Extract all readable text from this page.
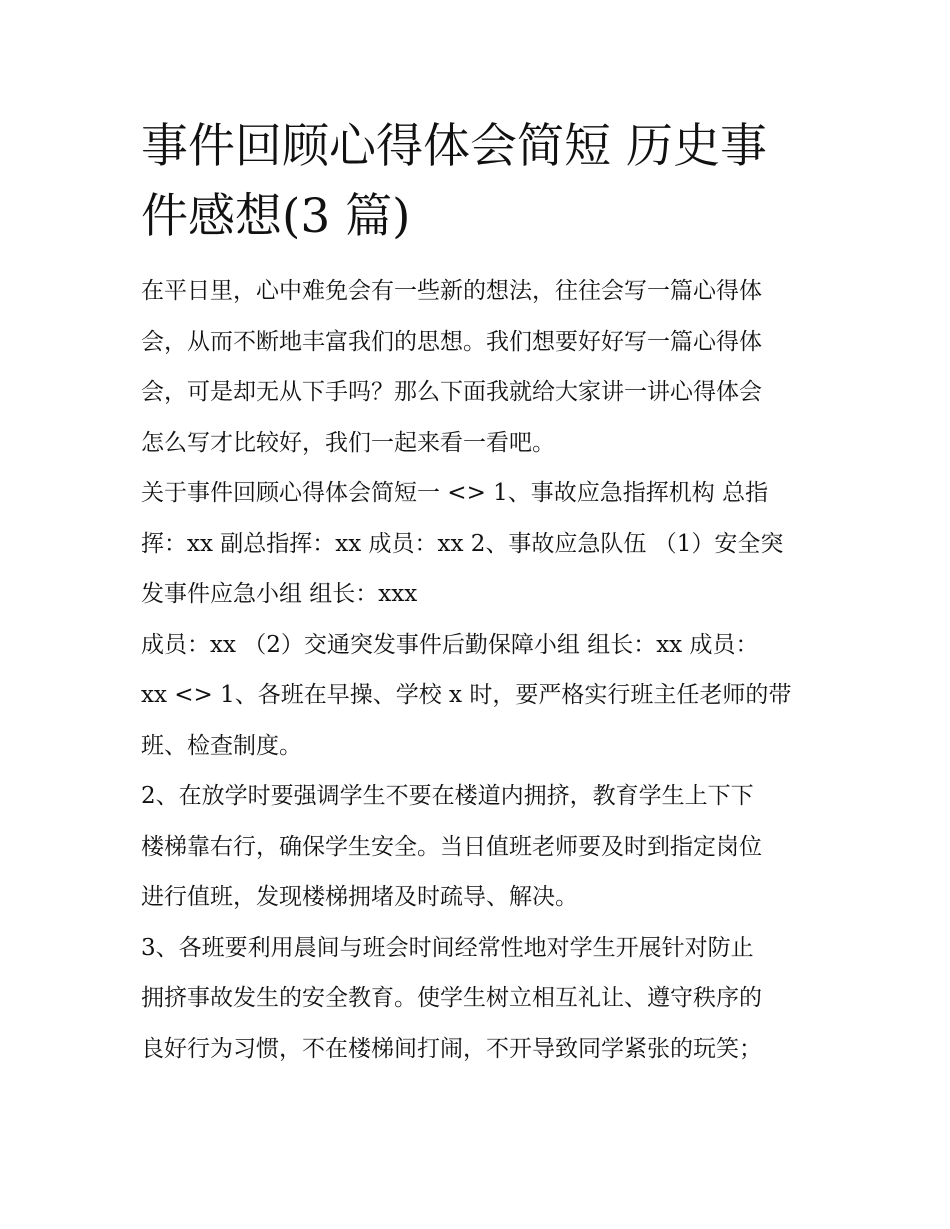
事件回顾心得体会简短 历史事
件感想(3 篇)

在平日里，心中难免会有一些新的想法，往往会写一篇心得体
会，从而不断地丰富我们的思想。我们想要好好写一篇心得体
会，可是却无从下手吗？那么下面我就给大家讲一讲心得体会
怎么写才比较好，我们一起来看一看吧。

关于事件回顾心得体会简短一 <> 1、事故应急指挥机构 总指
挥：xx 副总指挥：xx 成员：xx 2、事故应急队伍 （1）安全突
发事件应急小组 组长：xxx

成员：xx （2）交通突发事件后勤保障小组 组长：xx 成员：
xx <> 1、各班在早操、学校 x 时，要严格实行班主任老师的带
班、检查制度。

2、在放学时要强调学生不要在楼道内拥挤，教育学生上下下
楼梯靠右行，确保学生安全。当日值班老师要及时到指定岗位
进行值班，发现楼梯拥堵及时疏导、解决。

3、各班要利用晨间与班会时间经常性地对学生开展针对防止
拥挤事故发生的安全教育。使学生树立相互礼让、遵守秩序的
良好行为习惯，不在楼梯间打闹，不开导致同学紧张的玩笑；
